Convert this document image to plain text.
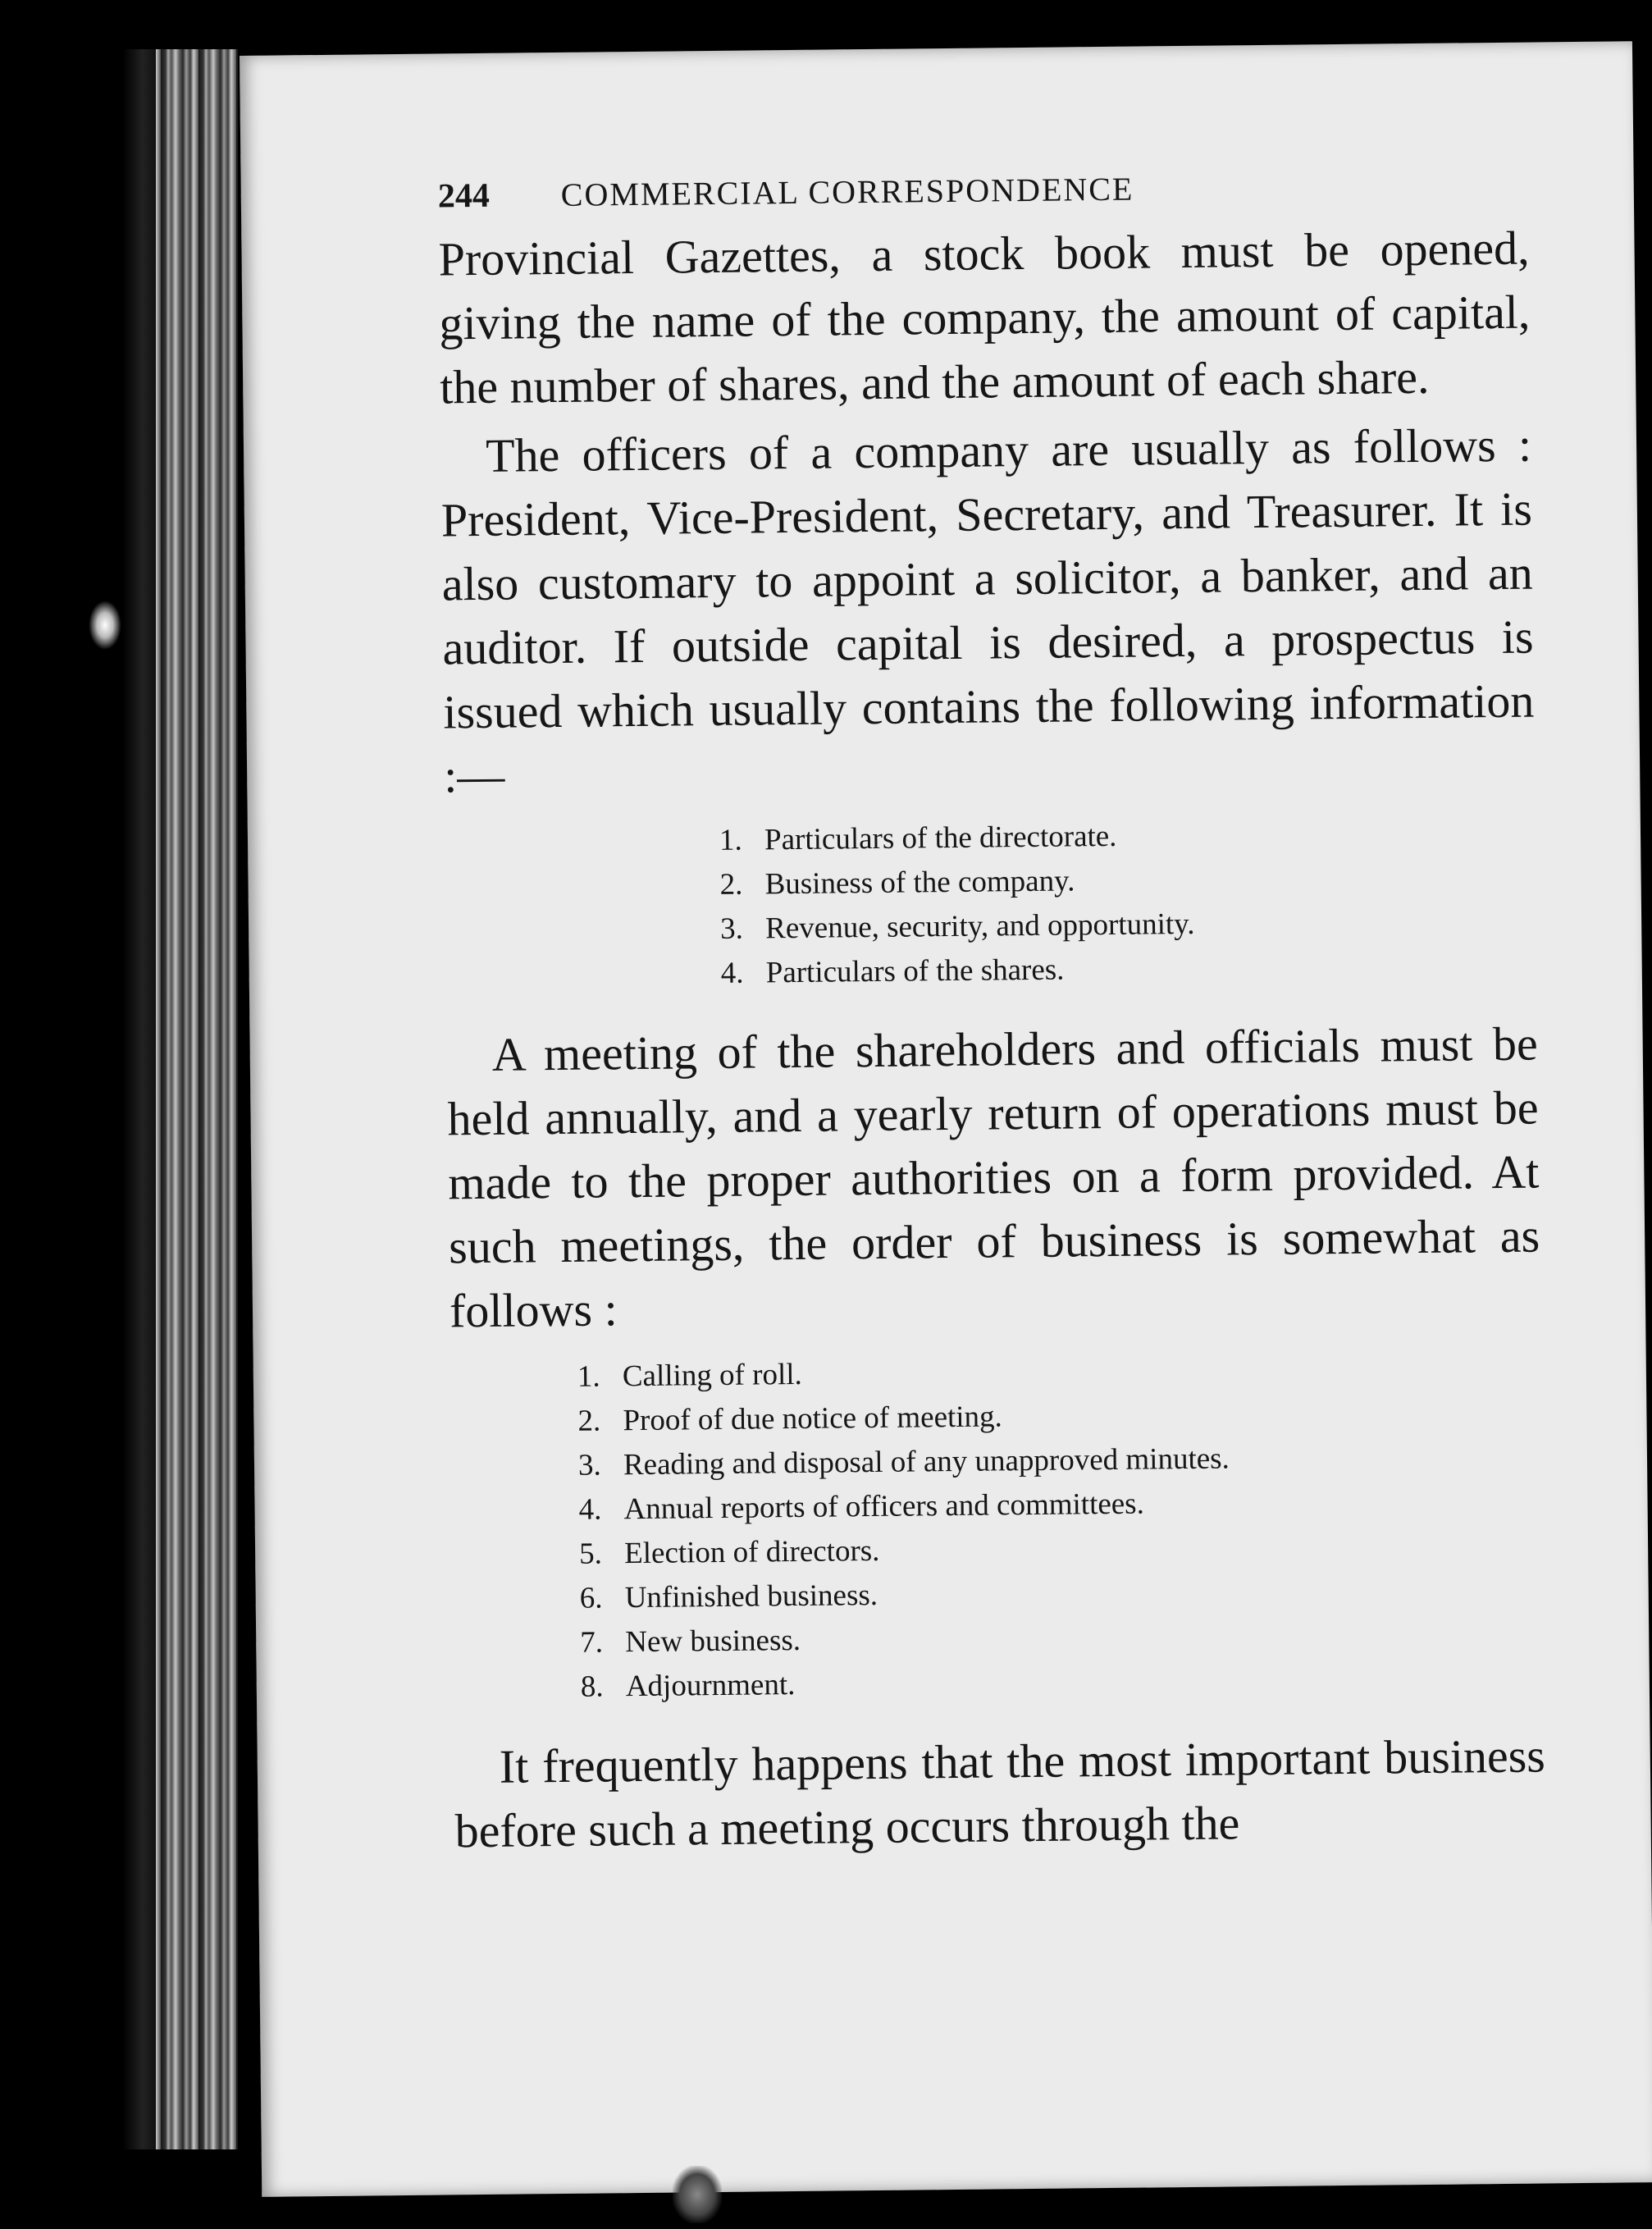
244	COMMERCIAL CORRESPONDENCE

Provincial Gazettes, a stock book must be opened, giving the name of the company, the amount of capital, the number of shares, and the amount of each share.

The officers of a company are usually as follows : President, Vice-President, Secretary, and Treasurer. It is also customary to appoint a solicitor, a banker, and an auditor. If outside capital is desired, a prospectus is issued which usually contains the following information :—

1. Particulars of the directorate.
2. Business of the company.
3. Revenue, security, and opportunity.
4. Particulars of the shares.

A meeting of the shareholders and officials must be held annually, and a yearly return of operations must be made to the proper authorities on a form provided. At such meetings, the order of business is somewhat as follows :

1. Calling of roll.
2. Proof of due notice of meeting.
3. Reading and disposal of any unapproved minutes.
4. Annual reports of officers and committees.
5. Election of directors.
6. Unfinished business.
7. New business.
8. Adjournment.

It frequently happens that the most important business before such a meeting occurs through the
